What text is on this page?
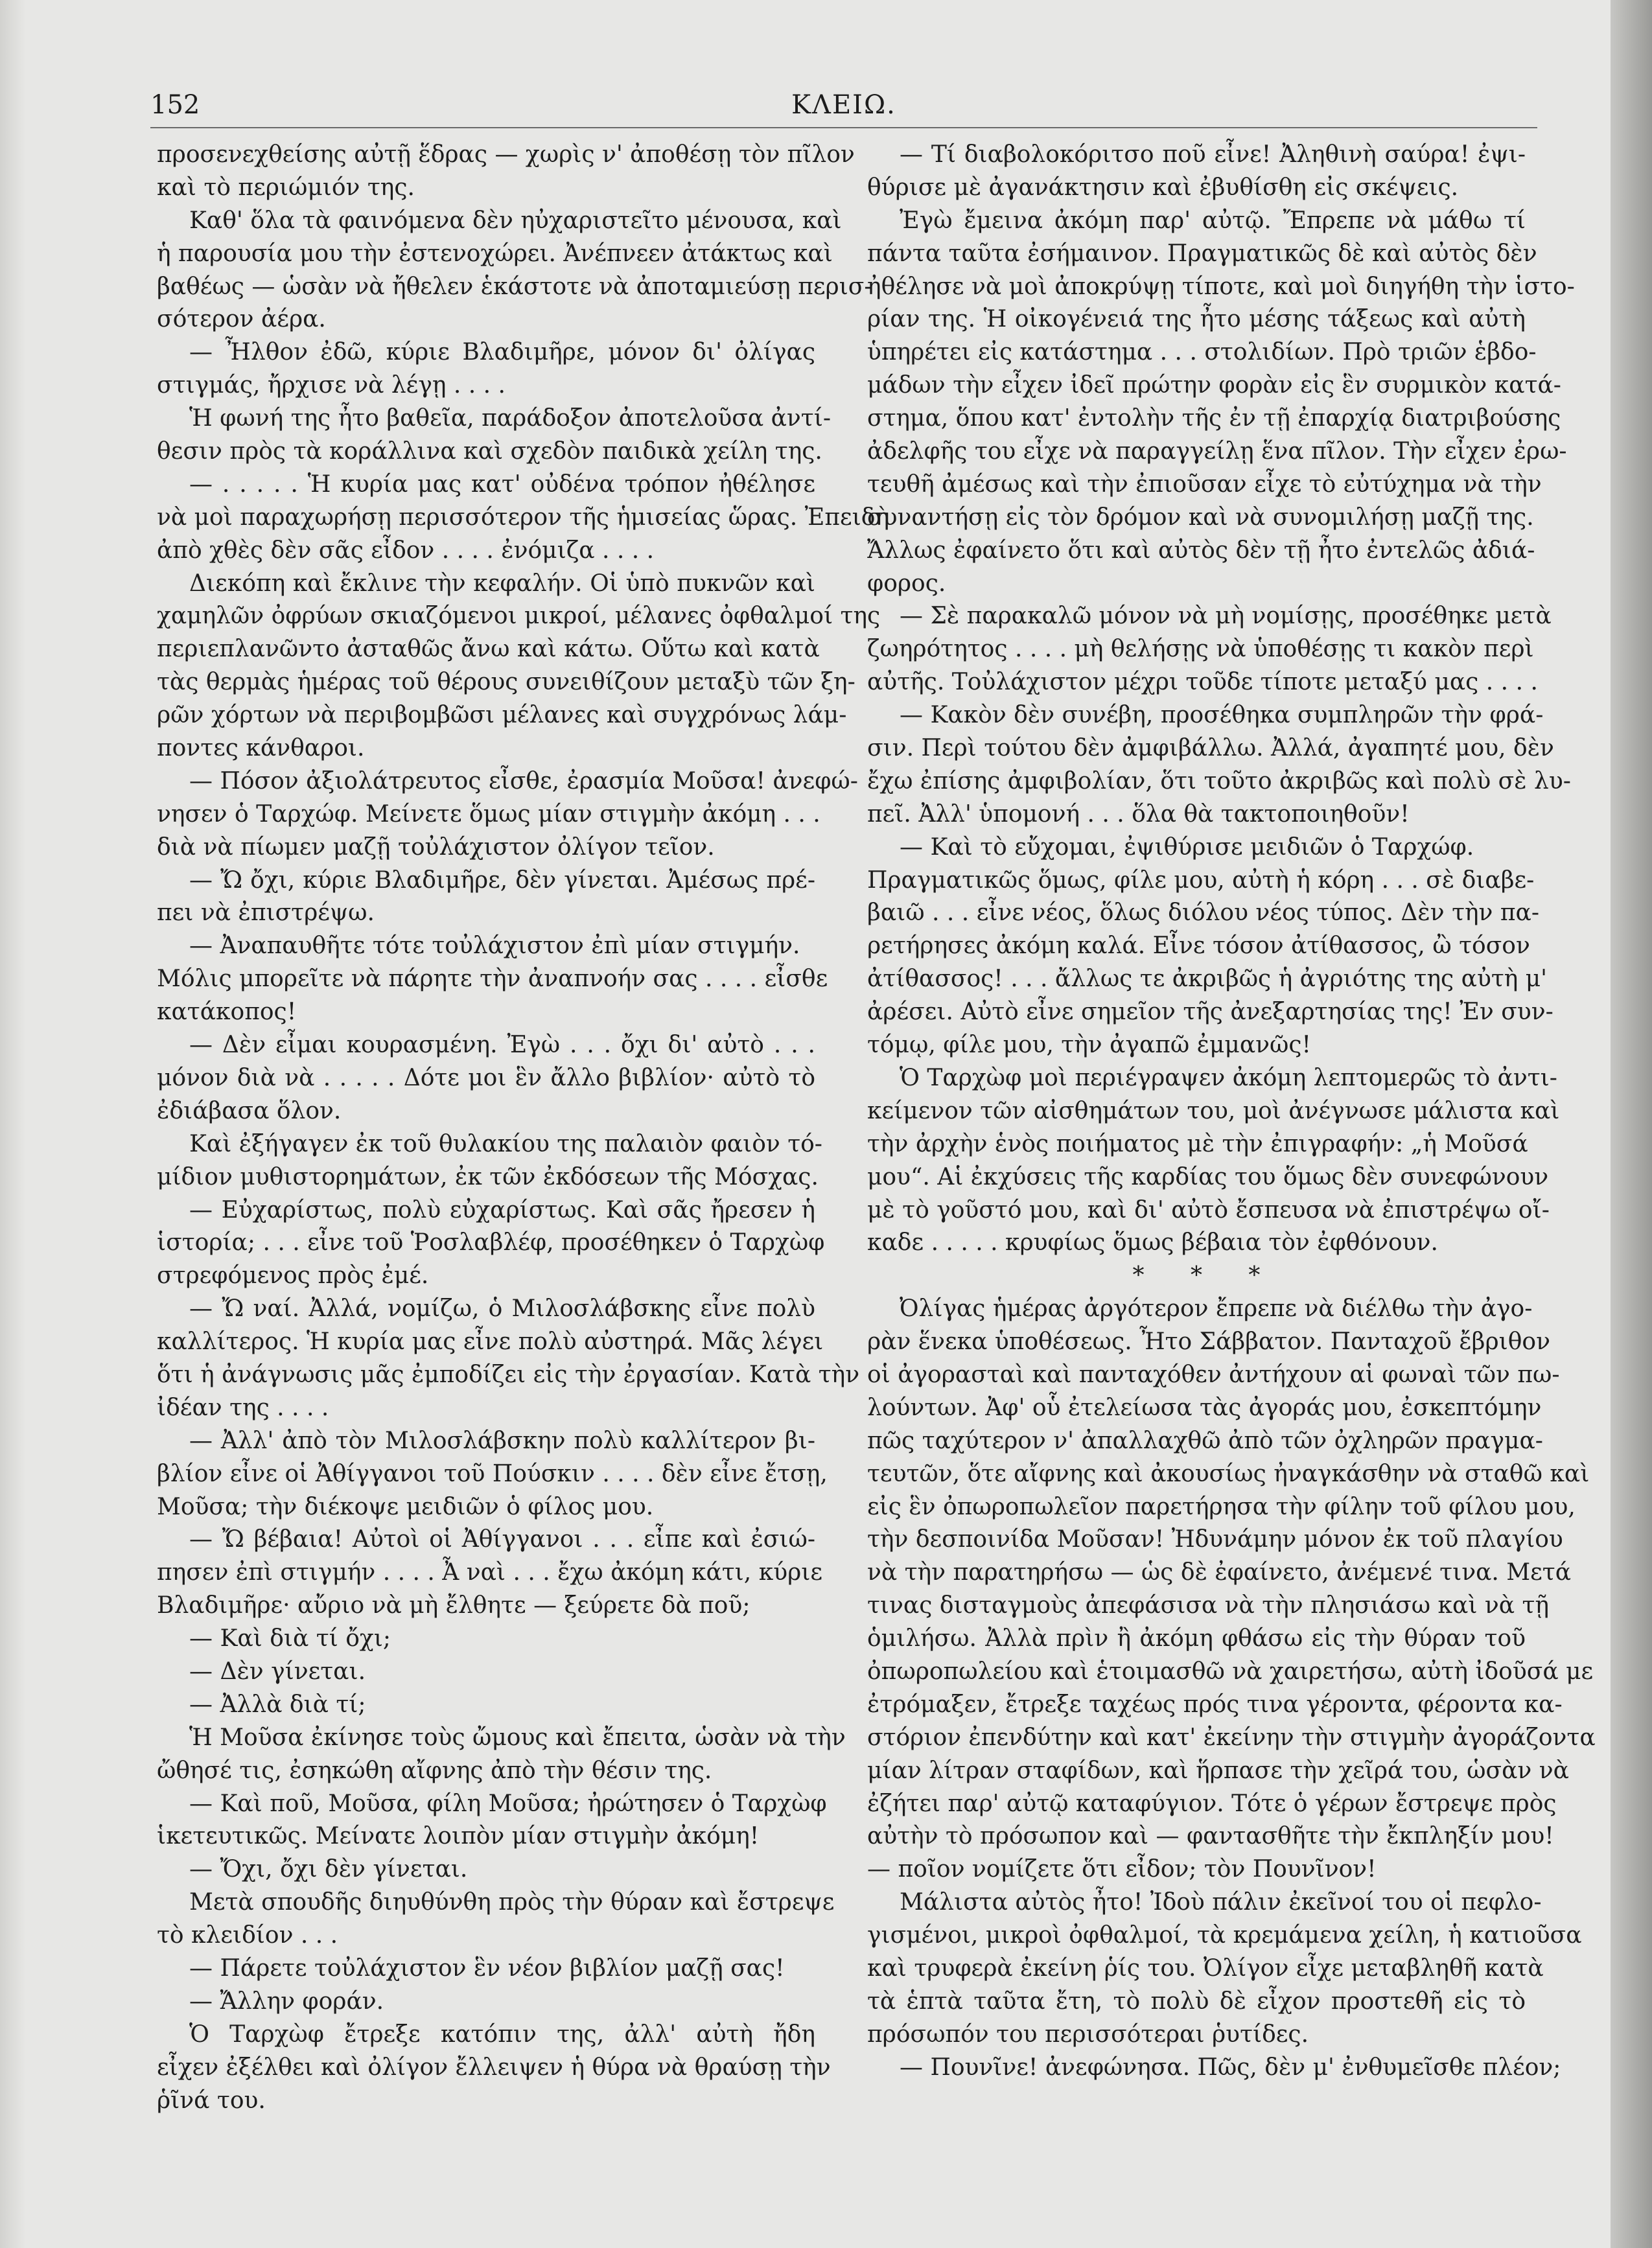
152	ΚΛΕΙΩ.
προσενεχθείσης αὐτῇ ἕδρας — χωρὶς ν' ἀποθέσῃ τὸν πῖλον
καὶ τὸ περιώμιόν της.
Καθ' ὅλα τὰ φαινόμενα δὲν ηὐχαριστεῖτο μένουσα, καὶ
ἡ παρουσία μου τὴν ἐστενοχώρει. Ἀνέπνεεν ἀτάκτως καὶ
βαθέως — ὡσὰν νὰ ἤθελεν ἑκάστοτε νὰ ἀποταμιεύσῃ περισ-
σότερον ἀέρα.
— Ἦλθον ἐδῶ, κύριε Βλαδιμῆρε, μόνον δι' ὀλίγας
στιγμάς, ἤρχισε νὰ λέγῃ . . . .
Ἡ φωνή της ἦτο βαθεῖα, παράδοξον ἀποτελοῦσα ἀντί-
θεσιν πρὸς τὰ κοράλλινα καὶ σχεδὸν παιδικὰ χείλη της.
— . . . . . Ἡ κυρία μας κατ' οὐδένα τρόπον ἠθέλησε
νὰ μοὶ παραχωρήσῃ περισσότερον τῆς ἡμισείας ὥρας. Ἐπειδὴ
ἀπὸ χθὲς δὲν σᾶς εἶδον . . . . ἐνόμιζα . . . .
Διεκόπη καὶ ἔκλινε τὴν κεφαλήν. Οἱ ὑπὸ πυκνῶν καὶ
χαμηλῶν ὀφρύων σκιαζόμενοι μικροί, μέλανες ὀφθαλμοί της
περιεπλανῶντο ἀσταθῶς ἄνω καὶ κάτω. Οὕτω καὶ κατὰ
τὰς θερμὰς ἡμέρας τοῦ θέρους συνειθίζουν μεταξὺ τῶν ξη-
ρῶν χόρτων νὰ περιβομβῶσι μέλανες καὶ συγχρόνως λάμ-
ποντες κάνθαροι.
— Πόσον ἀξιολάτρευτος εἶσθε, ἐρασμία Μοῦσα! ἀνεφώ-
νησεν ὁ Ταρχώφ. Μείνετε ὅμως μίαν στιγμὴν ἀκόμη . . .
διὰ νὰ πίωμεν μαζῇ τοὐλάχιστον ὀλίγον τεῖον.
— Ὤ ὄχι, κύριε Βλαδιμῆρε, δὲν γίνεται. Ἀμέσως πρέ-
πει νὰ ἐπιστρέψω.
— Ἀναπαυθῆτε τότε τοὐλάχιστον ἐπὶ μίαν στιγμήν.
Μόλις μπορεῖτε νὰ πάρητε τὴν ἀναπνοήν σας . . . . εἶσθε
κατάκοπος!
— Δὲν εἶμαι κουρασμένη. Ἐγὼ . . . ὄχι δι' αὐτὸ . . .
μόνον διὰ νὰ . . . . . Δότε μοι ἓν ἄλλο βιβλίον· αὐτὸ τὸ
ἐδιάβασα ὅλον.
Καὶ ἐξήγαγεν ἐκ τοῦ θυλακίου της παλαιὸν φαιὸν τό-
μίδιον μυθιστορημάτων, ἐκ τῶν ἐκδόσεων τῆς Μόσχας.
— Εὐχαρίστως, πολὺ εὐχαρίστως. Καὶ σᾶς ἤρεσεν ἡ
ἱστορία; . . . εἶνε τοῦ Ῥοσλαβλέφ, προσέθηκεν ὁ Ταρχὼφ
στρεφόμενος πρὸς ἐμέ.
— Ὤ ναί. Ἀλλά, νομίζω, ὁ Μιλοσλάβσκης εἶνε πολὺ
καλλίτερος. Ἡ κυρία μας εἶνε πολὺ αὐστηρά. Μᾶς λέγει
ὅτι ἡ ἀνάγνωσις μᾶς ἐμποδίζει εἰς τὴν ἐργασίαν. Κατὰ τὴν
ἰδέαν της . . . .
— Ἀλλ' ἀπὸ τὸν Μιλοσλάβσκην πολὺ καλλίτερον βι-
βλίον εἶνε οἱ Ἀθίγγανοι τοῦ Πούσκιν . . . . δὲν εἶνε ἔτσῃ,
Μοῦσα; τὴν διέκοψε μειδιῶν ὁ φίλος μου.
— Ὤ βέβαια! Αὐτοὶ οἱ Ἀθίγγανοι . . . εἶπε καὶ ἐσιώ-
πησεν ἐπὶ στιγμήν . . . . Ἆ ναὶ . . . ἔχω ἀκόμη κάτι, κύριε
Βλαδιμῆρε· αὔριο νὰ μὴ ἔλθητε — ξεύρετε δὰ ποῦ;
— Καὶ διὰ τί ὄχι;
— Δὲν γίνεται.
— Ἀλλὰ διὰ τί;
Ἡ Μοῦσα ἐκίνησε τοὺς ὤμους καὶ ἔπειτα, ὡσὰν νὰ τὴν
ὤθησέ τις, ἐσηκώθη αἴφνης ἀπὸ τὴν θέσιν της.
— Καὶ ποῦ, Μοῦσα, φίλη Μοῦσα; ἠρώτησεν ὁ Ταρχὼφ
ἱκετευτικῶς. Μείνατε λοιπὸν μίαν στιγμὴν ἀκόμη!
— Ὄχι, ὄχι δὲν γίνεται.
Μετὰ σπουδῆς διηυθύνθη πρὸς τὴν θύραν καὶ ἔστρεψε
τὸ κλειδίον . . .
— Πάρετε τοὐλάχιστον ἓν νέον βιβλίον μαζῇ σας!
— Ἄλλην φοράν.
Ὁ Ταρχὼφ ἔτρεξε κατόπιν της, ἀλλ' αὐτὴ ἤδη
εἶχεν ἐξέλθει καὶ ὀλίγον ἔλλειψεν ἡ θύρα νὰ θραύσῃ τὴν
ῥῖνά του.
— Τί διαβολοκόριτσο ποῦ εἶνε! Ἀληθινὴ σαύρα! ἐψι-
θύρισε μὲ ἀγανάκτησιν καὶ ἐβυθίσθη εἰς σκέψεις.
Ἐγὼ ἔμεινα ἀκόμη παρ' αὐτῷ. Ἔπρεπε νὰ μάθω τί
πάντα ταῦτα ἐσήμαινον. Πραγματικῶς δὲ καὶ αὐτὸς δὲν
ἠθέλησε νὰ μοὶ ἀποκρύψῃ τίποτε, καὶ μοὶ διηγήθη τὴν ἱστο-
ρίαν της. Ἡ οἰκογένειά της ἦτο μέσης τάξεως καὶ αὐτὴ
ὑπηρέτει εἰς κατάστημα . . . στολιδίων. Πρὸ τριῶν ἑβδο-
μάδων τὴν εἶχεν ἰδεῖ πρώτην φορὰν εἰς ἓν συρμικὸν κατά-
στημα, ὅπου κατ' ἐντολὴν τῆς ἐν τῇ ἐπαρχίᾳ διατριβούσης
ἀδελφῆς του εἶχε νὰ παραγγείλῃ ἕνα πῖλον. Τὴν εἶχεν ἐρω-
τευθῆ ἀμέσως καὶ τὴν ἐπιοῦσαν εἶχε τὸ εὐτύχημα νὰ τὴν
συναντήσῃ εἰς τὸν δρόμον καὶ νὰ συνομιλήσῃ μαζῇ της.
Ἄλλως ἐφαίνετο ὅτι καὶ αὐτὸς δὲν τῇ ἦτο ἐντελῶς ἀδιά-
φορος.
— Σὲ παρακαλῶ μόνον νὰ μὴ νομίσῃς, προσέθηκε μετὰ
ζωηρότητος . . . . μὴ θελήσῃς νὰ ὑποθέσῃς τι κακὸν περὶ
αὐτῆς. Τοὐλάχιστον μέχρι τοῦδε τίποτε μεταξύ μας . . . .
— Κακὸν δὲν συνέβη, προσέθηκα συμπληρῶν τὴν φρά-
σιν. Περὶ τούτου δὲν ἀμφιβάλλω. Ἀλλά, ἀγαπητέ μου, δὲν
ἔχω ἐπίσης ἀμφιβολίαν, ὅτι τοῦτο ἀκριβῶς καὶ πολὺ σὲ λυ-
πεῖ. Ἀλλ' ὑπομονή . . . ὅλα θὰ τακτοποιηθοῦν!
— Καὶ τὸ εὔχομαι, ἐψιθύρισε μειδιῶν ὁ Ταρχώφ.
Πραγματικῶς ὅμως, φίλε μου, αὐτὴ ἡ κόρη . . . σὲ διαβε-
βαιῶ . . . εἶνε νέος, ὅλως διόλου νέος τύπος. Δὲν τὴν πα-
ρετήρησες ἀκόμη καλά. Εἶνε τόσον ἀτίθασσος, ὢ τόσον
ἀτίθασσος! . . . ἄλλως τε ἀκριβῶς ἡ ἀγριότης της αὐτὴ μ'
ἀρέσει. Αὐτὸ εἶνε σημεῖον τῆς ἀνεξαρτησίας της! Ἐν συν-
τόμῳ, φίλε μου, τὴν ἀγαπῶ ἐμμανῶς!
Ὁ Ταρχὼφ μοὶ περιέγραψεν ἀκόμη λεπτομερῶς τὸ ἀντι-
κείμενον τῶν αἰσθημάτων του, μοὶ ἀνέγνωσε μάλιστα καὶ
τὴν ἀρχὴν ἑνὸς ποιήματος μὲ τὴν ἐπιγραφήν: „ἡ Μοῦσά
μου“. Αἱ ἐκχύσεις τῆς καρδίας του ὅμως δὲν συνεφώνουν
μὲ τὸ γοῦστό μου, καὶ δι' αὐτὸ ἔσπευσα νὰ ἐπιστρέψω οἴ-
καδε . . . . . κρυφίως ὅμως βέβαια τὸν ἐφθόνουν.
* * *
Ὀλίγας ἡμέρας ἀργότερον ἔπρεπε νὰ διέλθω τὴν ἀγο-
ρὰν ἕνεκα ὑποθέσεως. Ἦτο Σάββατον. Πανταχοῦ ἔβριθον
οἱ ἀγορασταὶ καὶ πανταχόθεν ἀντήχουν αἱ φωναὶ τῶν πω-
λούντων. Ἀφ' οὗ ἐτελείωσα τὰς ἀγοράς μου, ἐσκεπτόμην
πῶς ταχύτερον ν' ἀπαλλαχθῶ ἀπὸ τῶν ὀχληρῶν πραγμα-
τευτῶν, ὅτε αἴφνης καὶ ἀκουσίως ἠναγκάσθην νὰ σταθῶ καὶ
εἰς ἓν ὀπωροπωλεῖον παρετήρησα τὴν φίλην τοῦ φίλου μου,
τὴν δεσποινίδα Μοῦσαν! Ἠδυνάμην μόνον ἐκ τοῦ πλαγίου
νὰ τὴν παρατηρήσω — ὡς δὲ ἐφαίνετο, ἀνέμενέ τινα. Μετά
τινας δισταγμοὺς ἀπεφάσισα νὰ τὴν πλησιάσω καὶ νὰ τῇ
ὁμιλήσω. Ἀλλὰ πρὶν ἢ ἀκόμη φθάσω εἰς τὴν θύραν τοῦ
ὀπωροπωλείου καὶ ἑτοιμασθῶ νὰ χαιρετήσω, αὐτὴ ἰδοῦσά με
ἐτρόμαξεν, ἔτρεξε ταχέως πρός τινα γέροντα, φέροντα κα-
στόριον ἐπενδύτην καὶ κατ' ἐκείνην τὴν στιγμὴν ἀγοράζοντα
μίαν λίτραν σταφίδων, καὶ ἥρπασε τὴν χεῖρά του, ὡσὰν νὰ
ἐζήτει παρ' αὐτῷ καταφύγιον. Τότε ὁ γέρων ἔστρεψε πρὸς
αὐτὴν τὸ πρόσωπον καὶ — φαντασθῆτε τὴν ἔκπληξίν μου!
— ποῖον νομίζετε ὅτι εἶδον; τὸν Πουνῖνον!
Μάλιστα αὐτὸς ἦτο! Ἰδοὺ πάλιν ἐκεῖνοί του οἱ πεφλο-
γισμένοι, μικροὶ ὀφθαλμοί, τὰ κρεμάμενα χείλη, ἡ κατιοῦσα
καὶ τρυφερὰ ἐκείνη ῥίς του. Ὀλίγον εἶχε μεταβληθῆ κατὰ
τὰ ἑπτὰ ταῦτα ἔτη, τὸ πολὺ δὲ εἶχον προστεθῆ εἰς τὸ
πρόσωπόν του περισσότεραι ῥυτίδες.
— Πουνῖνε! ἀνεφώνησα. Πῶς, δὲν μ' ἐνθυμεῖσθε πλέον;
